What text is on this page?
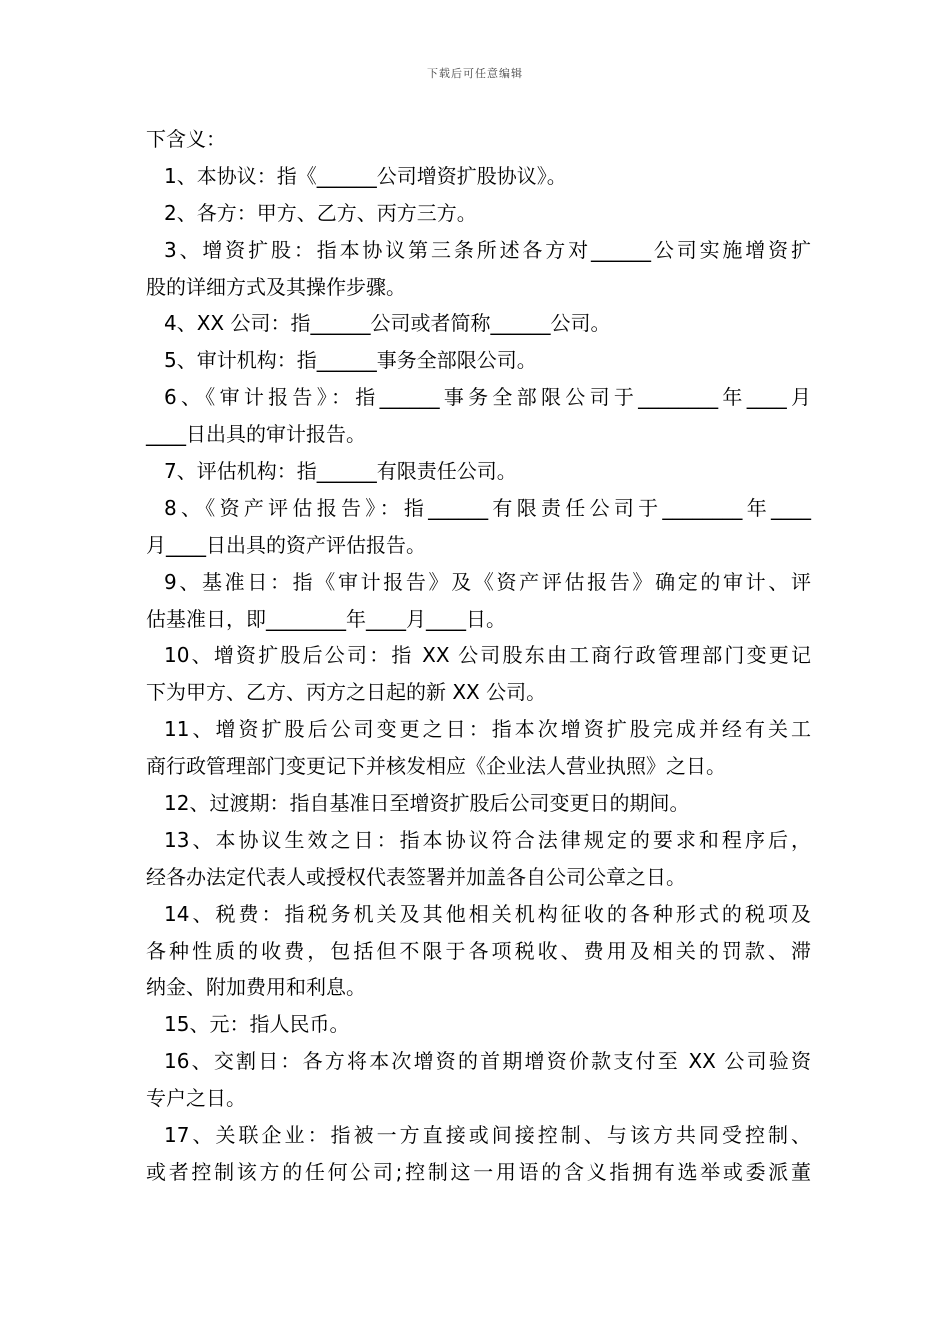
下载后可任意编辑
下含义：
1、本协议：指《______公司增资扩股协议》。
2、各方：甲方、乙方、丙方三方。
3、增资扩股：指本协议第三条所述各方对______公司实施增资扩
股的详细方式及其操作步骤。
4、XX 公司：指______公司或者简称______公司。
5、审计机构：指______事务全部限公司。
6、《审计报告》：指______事务全部限公司于________年____月
____日出具的审计报告。
7、评估机构：指______有限责任公司。
8、《资产评估报告》：指______有限责任公司于________年____
月____日出具的资产评估报告。
9、基准日：指《审计报告》及《资产评估报告》确定的审计、评
估基准日，即________年____月____日。
10、增资扩股后公司：指 XX 公司股东由工商行政管理部门变更记
下为甲方、乙方、丙方之日起的新 XX 公司。
11、增资扩股后公司变更之日：指本次增资扩股完成并经有关工
商行政管理部门变更记下并核发相应《企业法人营业执照》之日。
12、过渡期：指自基准日至增资扩股后公司变更日的期间。
13、本协议生效之日：指本协议符合法律规定的要求和程序后，
经各办法定代表人或授权代表签署并加盖各自公司公章之日。
14、税费：指税务机关及其他相关机构征收的各种形式的税项及
各种性质的收费，包括但不限于各项税收、费用及相关的罚款、滞
纳金、附加费用和利息。
15、元：指人民币。
16、交割日：各方将本次增资的首期增资价款支付至 XX 公司验资
专户之日。
17、关联企业：指被一方直接或间接控制、与该方共同受控制、
或者控制该方的任何公司;控制这一用语的含义指拥有选举或委派董
